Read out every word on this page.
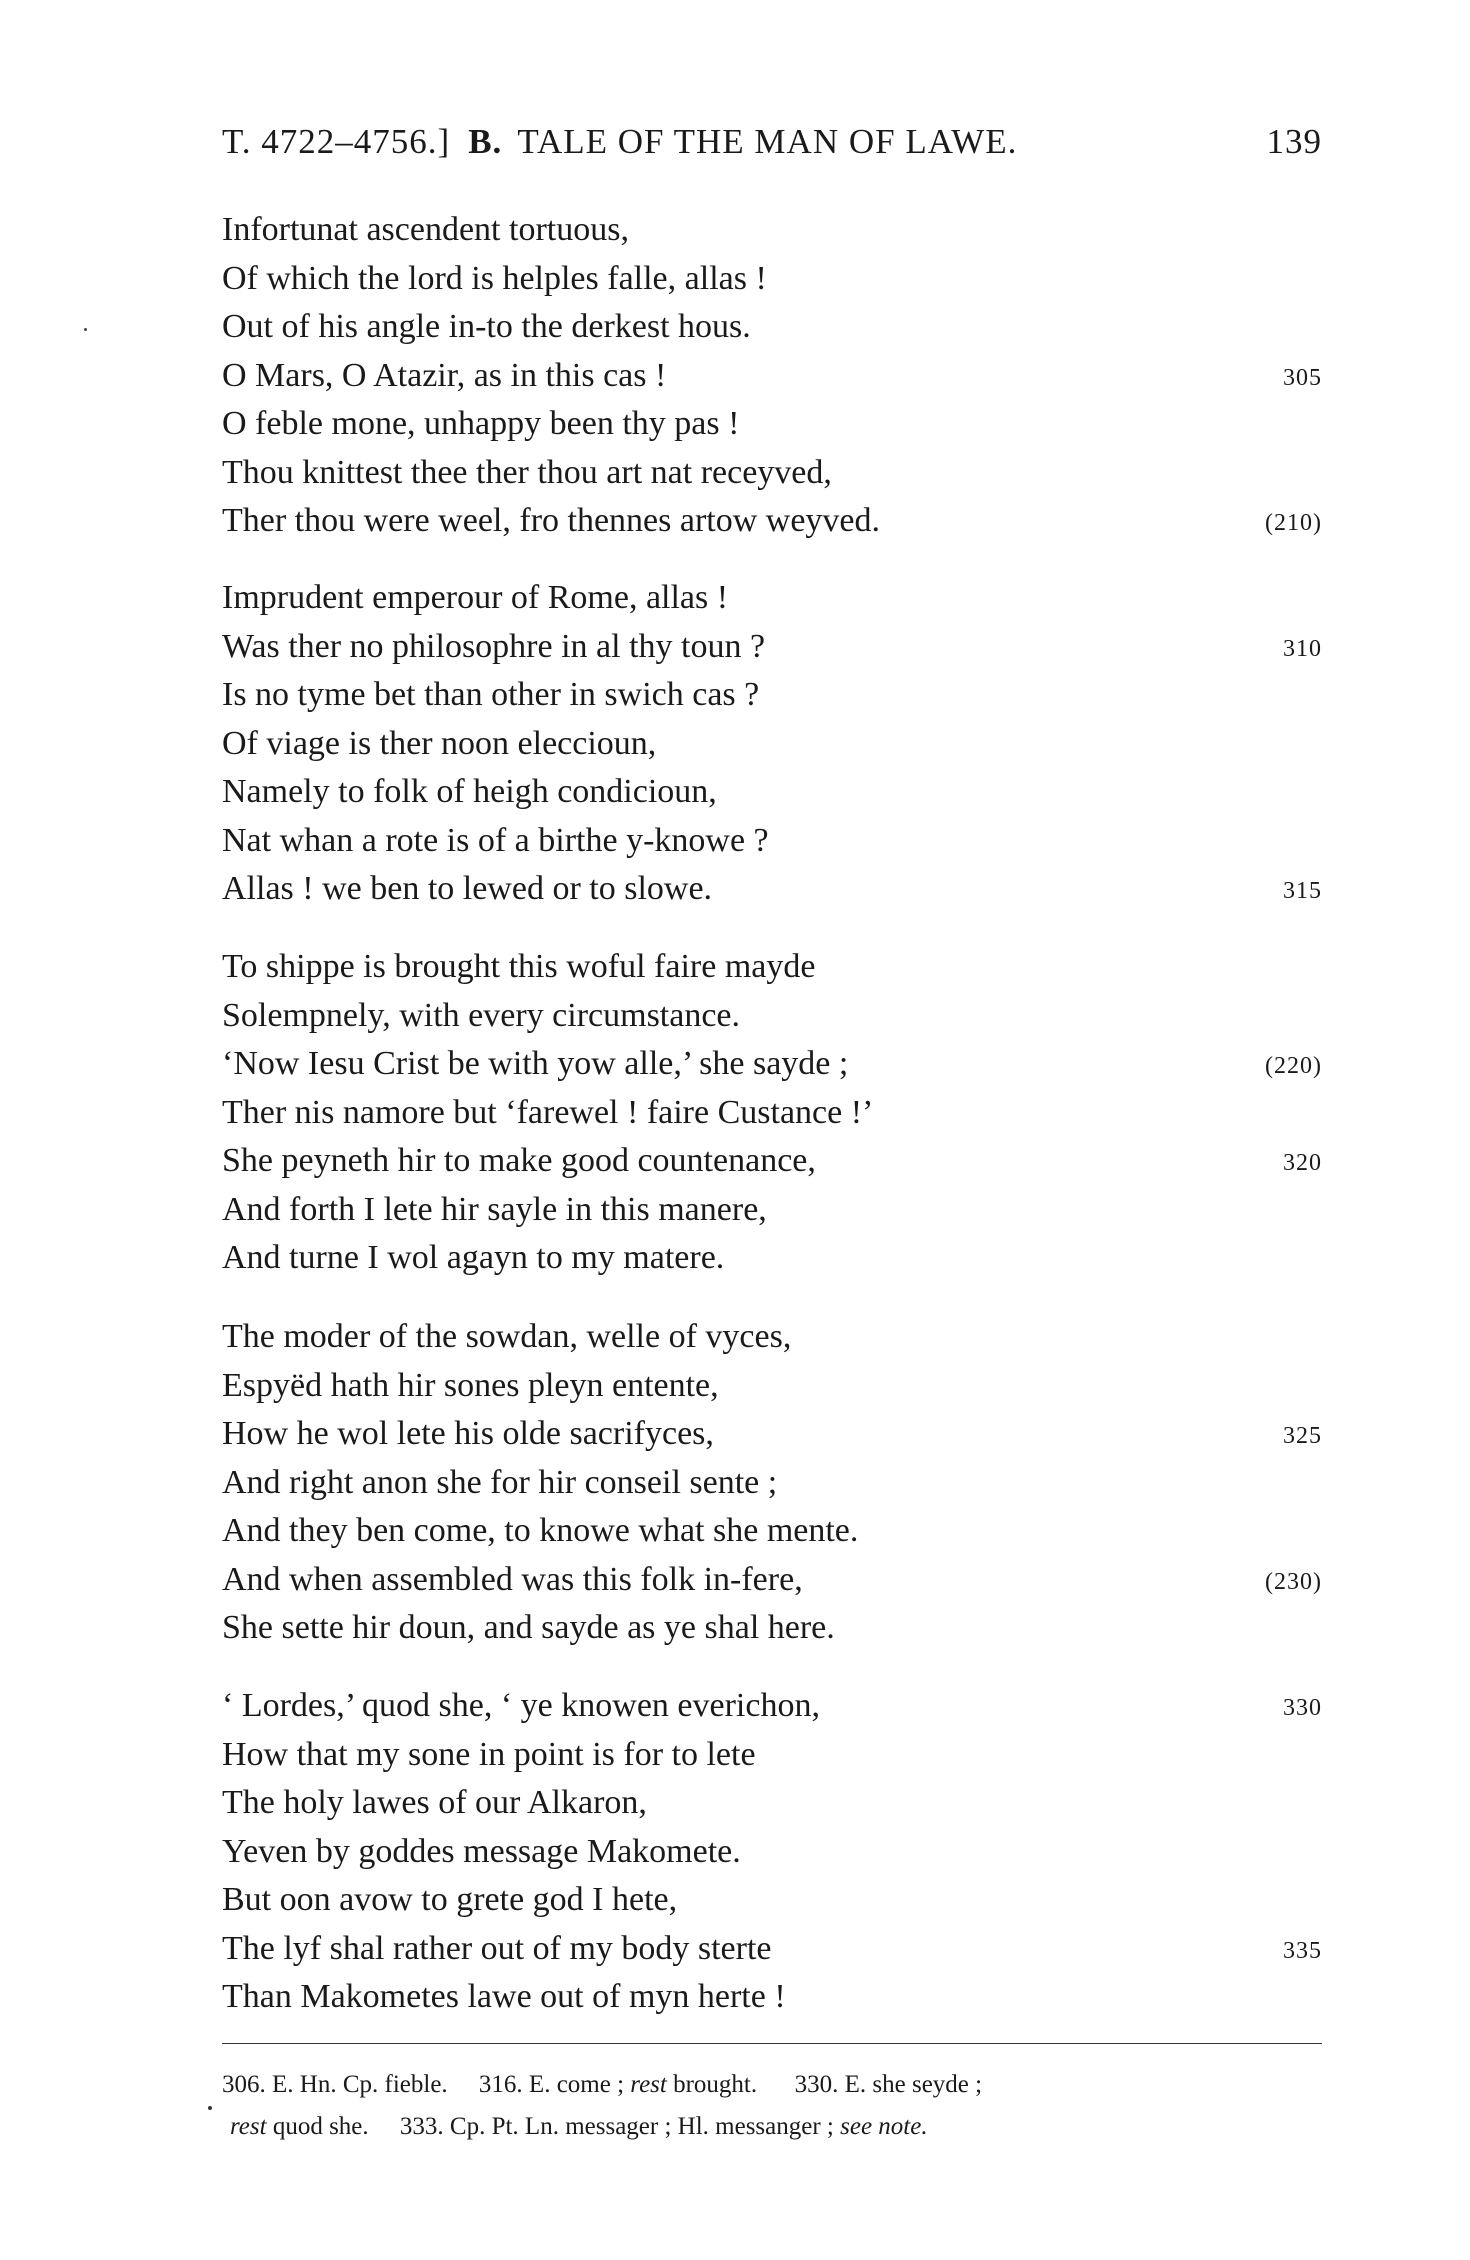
T. 4722–4756.] B. TALE OF THE MAN OF LAWE.	139
Infortunat ascendent tortuous,
Of which the lord is helples falle, allas !
Out of his angle in-to the derkest hous.
O Mars, O Atazir, as in this cas !	305
O feble mone, unhappy been thy pas !
Thou knittest thee ther thou art nat receyved,
Ther thou were weel, fro thennes artow weyved.	(210)
Imprudent emperour of Rome, allas !
Was ther no philosophre in al thy toun ?	310
Is no tyme bet than other in swich cas ?
Of viage is ther noon eleccioun,
Namely to folk of heigh condicioun,
Nat whan a rote is of a birthe y-knowe ?
Allas ! we ben to lewed or to slowe.	315
To shippe is brought this woful faire mayde
Solempnely, with every circumstance.
‘Now Iesu Crist be with yow alle,’ she sayde ;	(220)
Ther nis namore but ‘farewel ! faire Custance !’
She peyneth hir to make good countenance,	320
And forth I lete hir sayle in this manere,
And turne I wol agayn to my matere.
The moder of the sowdan, welle of vyces,
Espyëd hath hir sones pleyn entente,
How he wol lete his olde sacrifyces,	325
And right anon she for hir conseil sente ;
And they ben come, to knowe what she mente.
And when assembled was this folk in-fere,	(230)
She sette hir doun, and sayde as ye shal here.
‘ Lordes,’ quod she, ‘ ye knowen everichon,	330
How that my sone in point is for to lete
The holy lawes of our Alkaron,
Yeven by goddes message Makomete.
But oon avow to grete god I hete,
The lyf shal rather out of my body sterte	335
Than Makometes lawe out of myn herte !
306. E. Hn. Cp. fieble. 316. E. come ; rest brought. 330. E. she seyde ;
rest quod she. 333. Cp. Pt. Ln. messager ; Hl. messanger ; see note.
